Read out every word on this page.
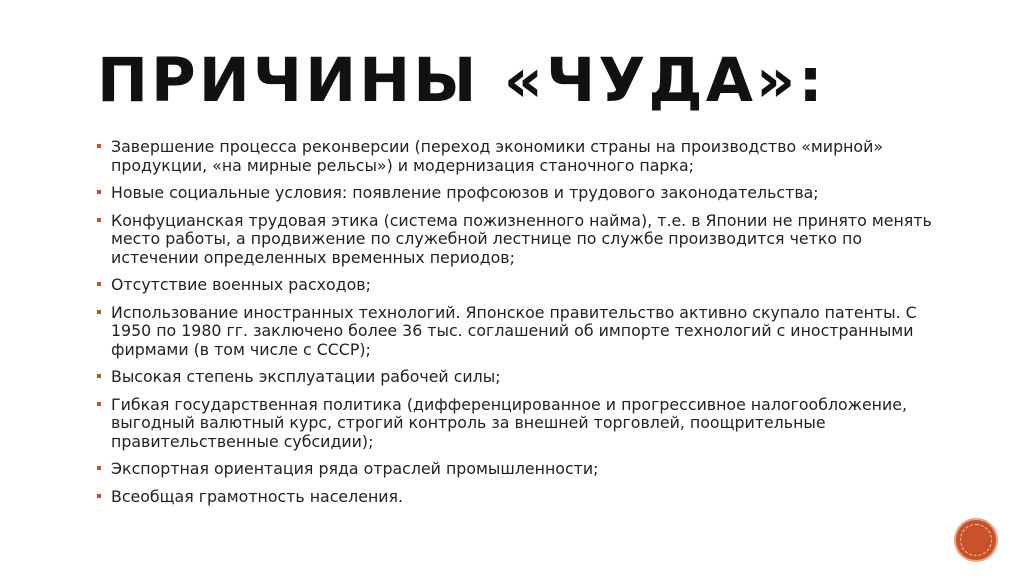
ПРИЧИНЫ «ЧУДА»:
Завершение процесса реконверсии (переход экономики страны на производство «мирной» продукции, «на мирные рельсы») и модернизация станочного парка;
Новые социальные условия: появление профсоюзов и трудового законодательства;
Конфуцианская трудовая этика (система пожизненного найма), т.е. в Японии не принято менять место работы, а продвижение по служебной лестнице по службе производится четко по истечении определенных временных периодов;
Отсутствие военных расходов;
Использование иностранных технологий. Японское правительство активно скупало патенты. С 1950 по 1980 гг. заключено более 36 тыс. соглашений об импорте технологий с иностранными фирмами (в том числе с СССР);
Высокая степень эксплуатации рабочей силы;
Гибкая государственная политика (дифференцированное и прогрессивное налогообложение, выгодный валютный курс, строгий контроль за внешней торговлей, поощрительные правительственные субсидии);
Экспортная ориентация ряда отраслей промышленности;
Всеобщая грамотность населения.
